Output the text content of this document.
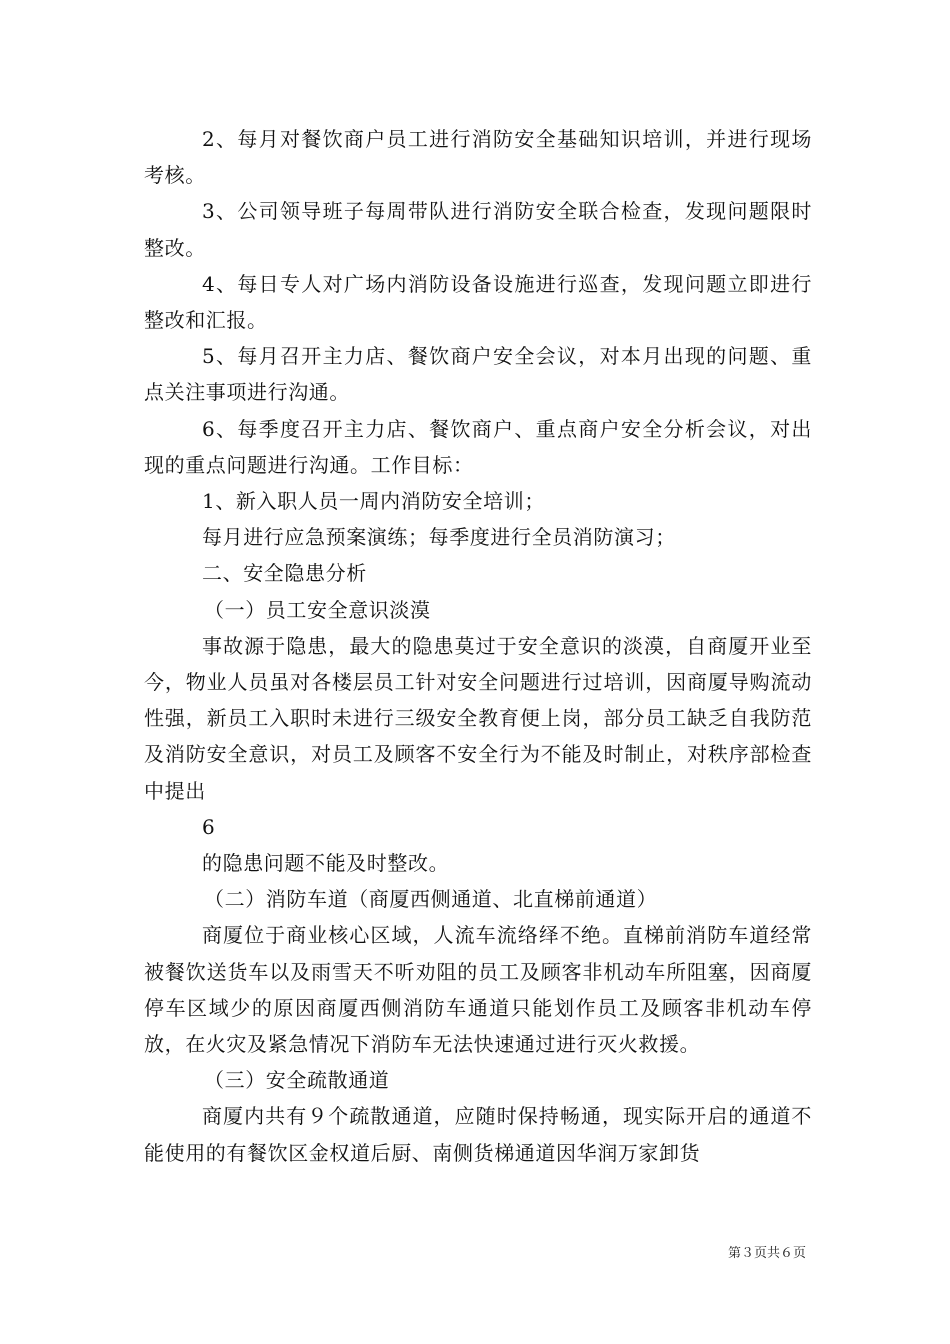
2、每月对餐饮商户员工进行消防安全基础知识培训，并进行现场考核。

3、公司领导班子每周带队进行消防安全联合检查，发现问题限时整改。

4、每日专人对广场内消防设备设施进行巡查，发现问题立即进行整改和汇报。

5、每月召开主力店、餐饮商户安全会议，对本月出现的问题、重点关注事项进行沟通。

6、每季度召开主力店、餐饮商户、重点商户安全分析会议，对出现的重点问题进行沟通。工作目标：

1、新入职人员一周内消防安全培训；

每月进行应急预案演练；每季度进行全员消防演习；

二、安全隐患分析

（一）员工安全意识淡漠

事故源于隐患，最大的隐患莫过于安全意识的淡漠，自商厦开业至今，物业人员虽对各楼层员工针对安全问题进行过培训，因商厦导购流动性强，新员工入职时未进行三级安全教育便上岗，部分员工缺乏自我防范及消防安全意识，对员工及顾客不安全行为不能及时制止，对秩序部检查中提出

6

的隐患问题不能及时整改。

（二）消防车道（商厦西侧通道、北直梯前通道）

商厦位于商业核心区域，人流车流络绎不绝。直梯前消防车道经常被餐饮送货车以及雨雪天不听劝阻的员工及顾客非机动车所阻塞，因商厦停车区域少的原因商厦西侧消防车通道只能划作员工及顾客非机动车停放，在火灾及紧急情况下消防车无法快速通过进行灭火救援。

（三）安全疏散通道

商厦内共有９个疏散通道，应随时保持畅通，现实际开启的通道不能使用的有餐饮区金权道后厨、南侧货梯通道因华润万家卸货

第３页共６页
